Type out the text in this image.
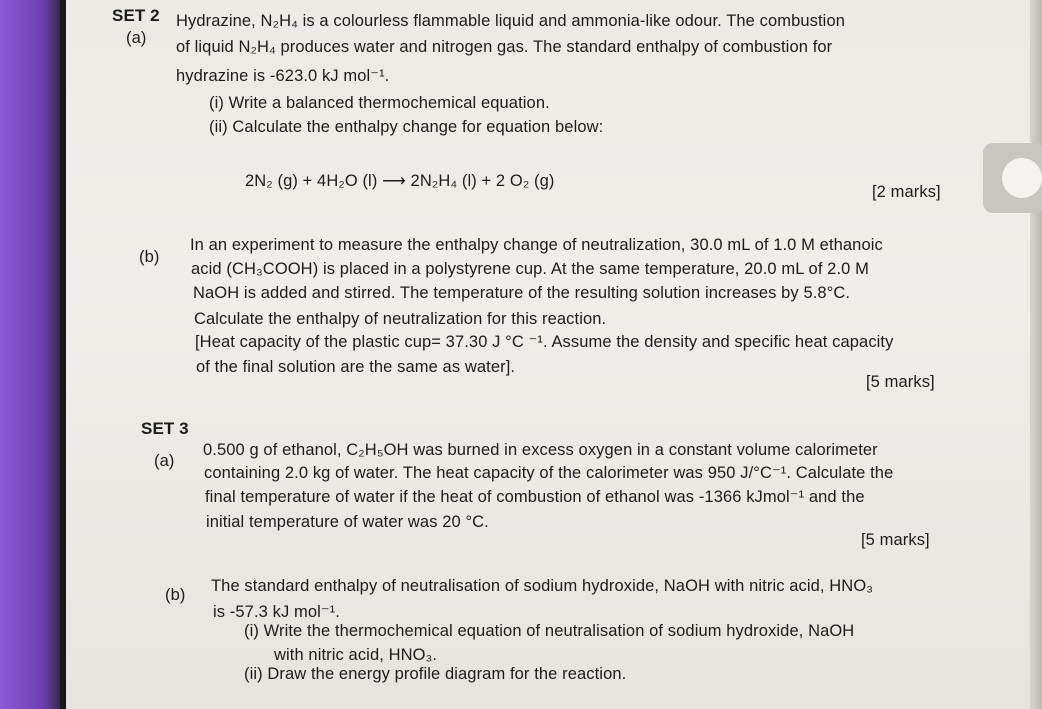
SET 2
(a)
Hydrazine, N₂H₄ is a colourless flammable liquid and ammonia-like odour. The combustion
of liquid N₂H₄ produces water and nitrogen gas. The standard enthalpy of combustion for
hydrazine is -623.0 kJ mol⁻¹.
(i) Write a balanced thermochemical equation.
(ii) Calculate the enthalpy change for equation below:
2N₂ (g) + 4H₂O (l) ⟶ 2N₂H₄ (l) + 2 O₂ (g)
[2 marks]
(b)
In an experiment to measure the enthalpy change of neutralization, 30.0 mL of 1.0 M ethanoic
acid (CH₃COOH) is placed in a polystyrene cup. At the same temperature, 20.0 mL of 2.0 M
NaOH is added and stirred. The temperature of the resulting solution increases by 5.8°C.
Calculate the enthalpy of neutralization for this reaction.
[Heat capacity of the plastic cup= 37.30 J °C ⁻¹. Assume the density and specific heat capacity
of the final solution are the same as water].
[5 marks]
SET 3
(a)
0.500 g of ethanol, C₂H₅OH was burned in excess oxygen in a constant volume calorimeter
containing 2.0 kg of water. The heat capacity of the calorimeter was 950 J/°C⁻¹. Calculate the
final temperature of water if the heat of combustion of ethanol was -1366 kJmol⁻¹ and the
initial temperature of water was 20 °C.
[5 marks]
(b) The standard enthalpy of neutralisation of sodium hydroxide, NaOH with nitric acid, HNO₃
is -57.3 kJ mol⁻¹.
(i) Write the thermochemical equation of neutralisation of sodium hydroxide, NaOH
with nitric acid, HNO₃.
(ii) Draw the energy profile diagram for the reaction.
